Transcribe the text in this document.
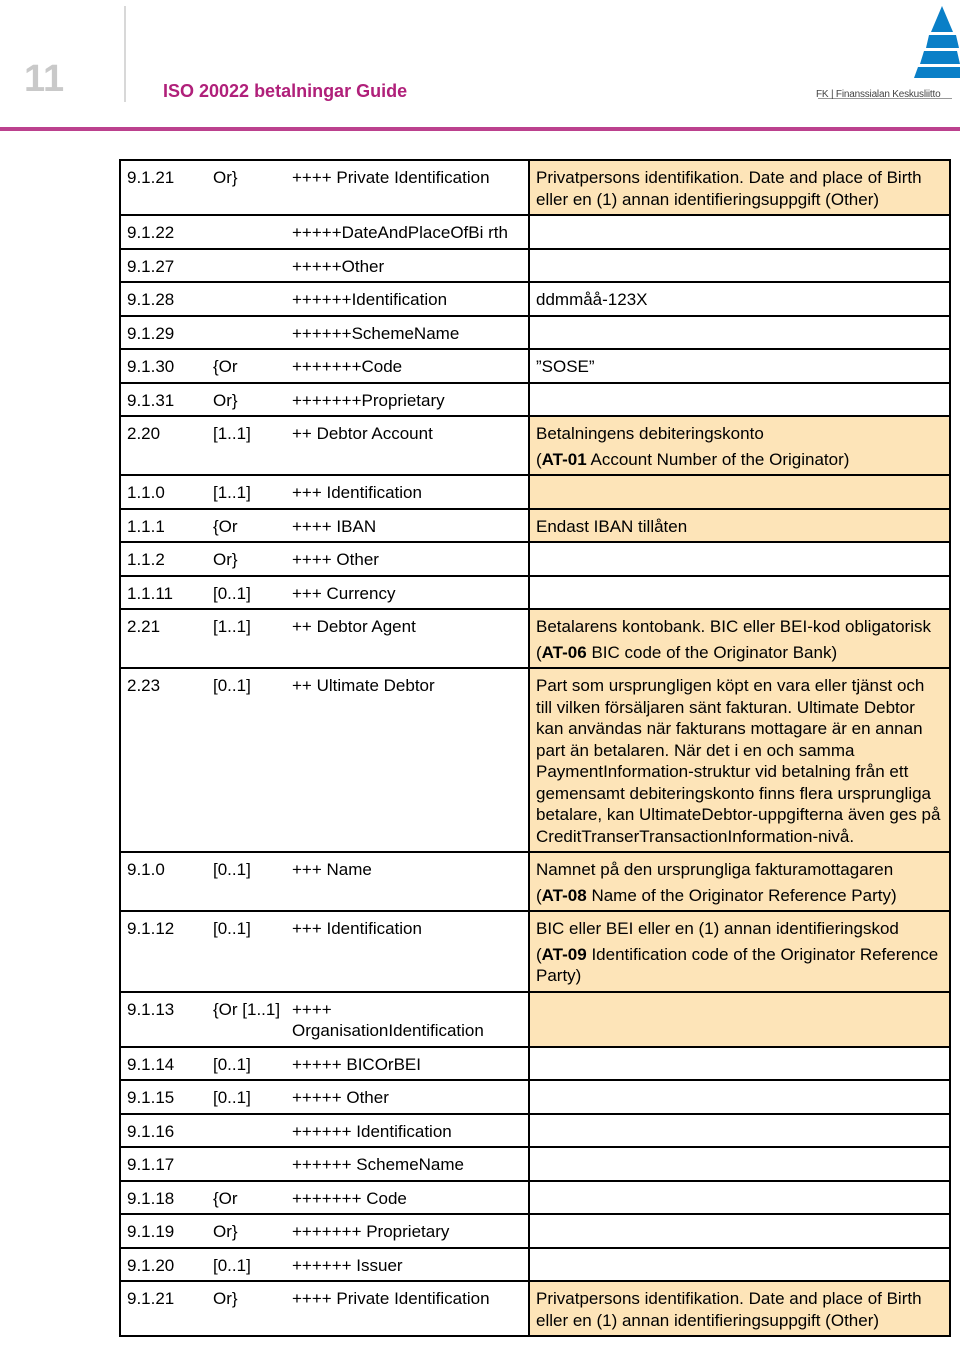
11	ISO 20022 betalningar Guide	FK | Finanssialan Keskusliitto
9.1.21	Or}	++++ Private Identification	Privatpersons identifikation. Date and place of Birth eller en (1) annan identifieringsuppgift (Other)
9.1.22		+++++DateAndPlaceOfBi rth	
9.1.27		+++++Other	
9.1.28		++++++Identification	ddmmåå-123X
9.1.29		++++++SchemeName	
9.1.30	{Or	+++++++Code	”SOSE”
9.1.31	Or}	+++++++Proprietary	
2.20	[1..1]	++ Debtor Account	Betalningens debiteringskonto
(AT-01 Account Number of the Originator)
1.1.0	[1..1]	+++ Identification	
1.1.1	{Or	++++ IBAN	Endast IBAN tillåten
1.1.2	Or}	++++ Other	
1.1.11	[0..1]	+++ Currency	
2.21	[1..1]	++ Debtor Agent	Betalarens kontobank. BIC eller BEI-kod obligatorisk
(AT-06 BIC code of the Originator Bank)
2.23	[0..1]	++ Ultimate Debtor	Part som ursprungligen köpt en vara eller tjänst och till vilken försäljaren sänt fakturan. Ultimate Debtor kan användas när fakturans mottagare är en annan part än betalaren. När det i en och samma PaymentInformation-struktur vid betalning från ett gemensamt debiteringskonto finns flera ursprungliga betalare, kan UltimateDebtor-uppgifterna även ges på CreditTranserTransactionInformation-nivå.
9.1.0	[0..1]	+++ Name	Namnet på den ursprungliga fakturamottagaren
(AT-08 Name of the Originator Reference Party)
9.1.12	[0..1]	+++ Identification	BIC eller BEI eller en (1) annan identifieringskod
(AT-09 Identification code of the Originator Reference Party)
9.1.13	{Or [1..1]	++++ OrganisationIdentification	
9.1.14	[0..1]	+++++ BICOrBEI	
9.1.15	[0..1]	+++++ Other	
9.1.16		++++++ Identification	
9.1.17		++++++ SchemeName	
9.1.18	{Or	+++++++ Code	
9.1.19	Or}	+++++++ Proprietary	
9.1.20	[0..1]	++++++ Issuer	
9.1.21	Or}	++++ Private Identification	Privatpersons identifikation. Date and place of Birth eller en (1) annan identifieringsuppgift (Other)
